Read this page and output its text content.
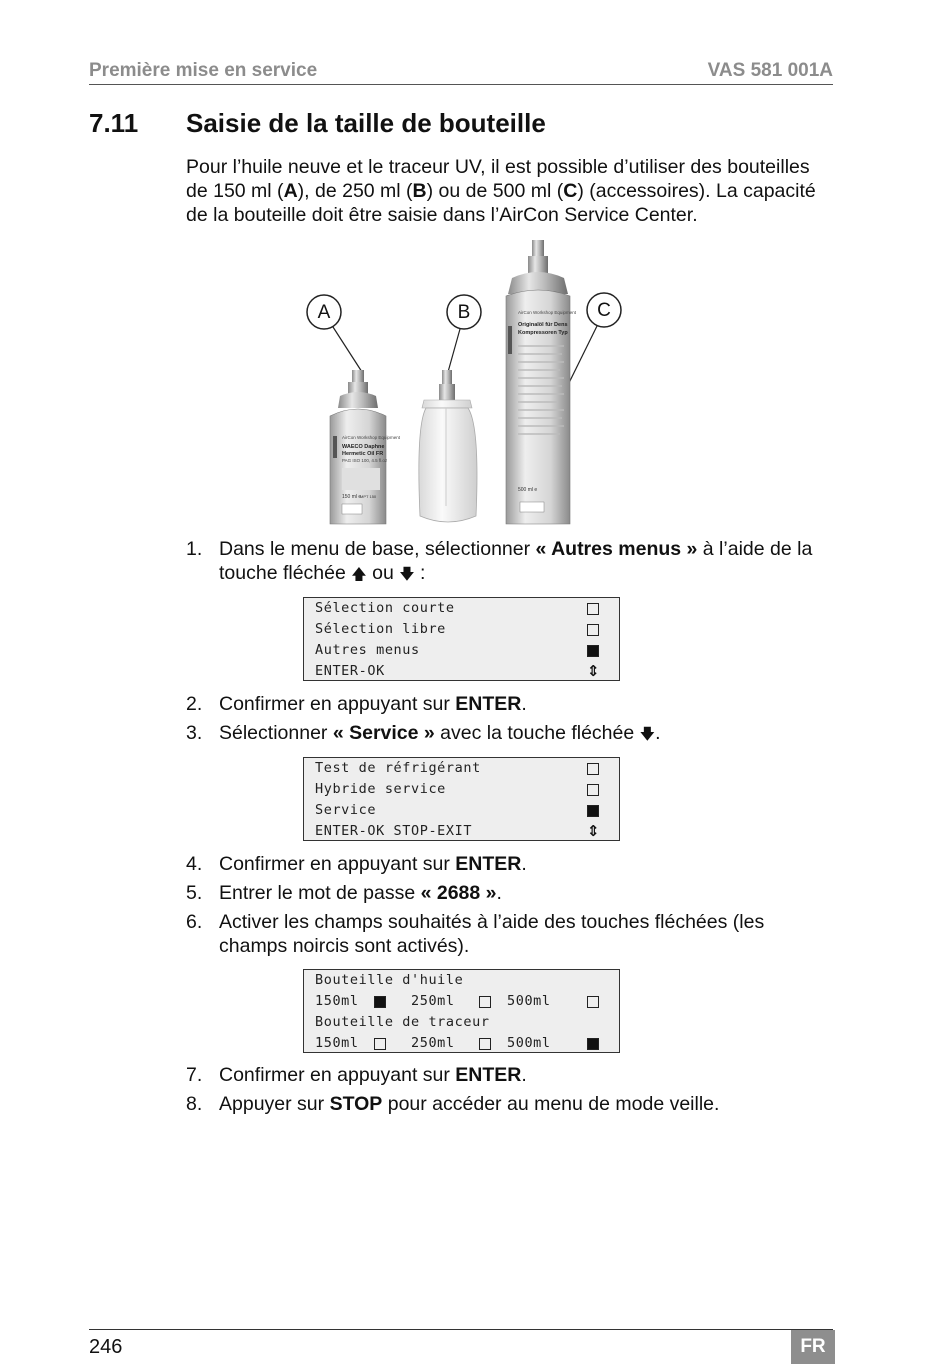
Première mise en service	VAS 581 001A
7.11 Saisie de la taille de bouteille
Pour l’huile neuve et le traceur UV, il est possible d’utiliser des bouteilles de 150 ml (A), de 250 ml (B) ou de 500 ml (C) (accessoires). La capacité de la bouteille doit être saisie dans l’AirCon Service Center.
A	B	C
AirCon Workshop Equipment
WAECO Daphne
Hermetic Oil FR
PAG ISO 100, 4.5 fl.oz
150 ml e
MPT 150
AirCon Workshop Equipment
Originalöl für Dens
Kompressoren Typ
500 ml e
1. Dans le menu de base, sélectionner « Autres menus » à l’aide de la touche fléchée 🡅 ou 🡇 :
Sélection courte
Sélection libre
Autres menus
ENTER-OK	⇕
2. Confirmer en appuyant sur ENTER.
3. Sélectionner « Service » avec la touche fléchée 🡇.
Test de réfrigérant
Hybride service
Service
ENTER-OK STOP-EXIT	⇕
4. Confirmer en appuyant sur ENTER.
5. Entrer le mot de passe « 2688 ».
6. Activer les champs souhaités à l’aide des touches fléchées (les champs noircis sont activés).
Bouteille d'huile
150ml	250ml	500ml
Bouteille de traceur
150ml	250ml	500ml
7. Confirmer en appuyant sur ENTER.
8. Appuyer sur STOP pour accéder au menu de mode veille.
246	FR
